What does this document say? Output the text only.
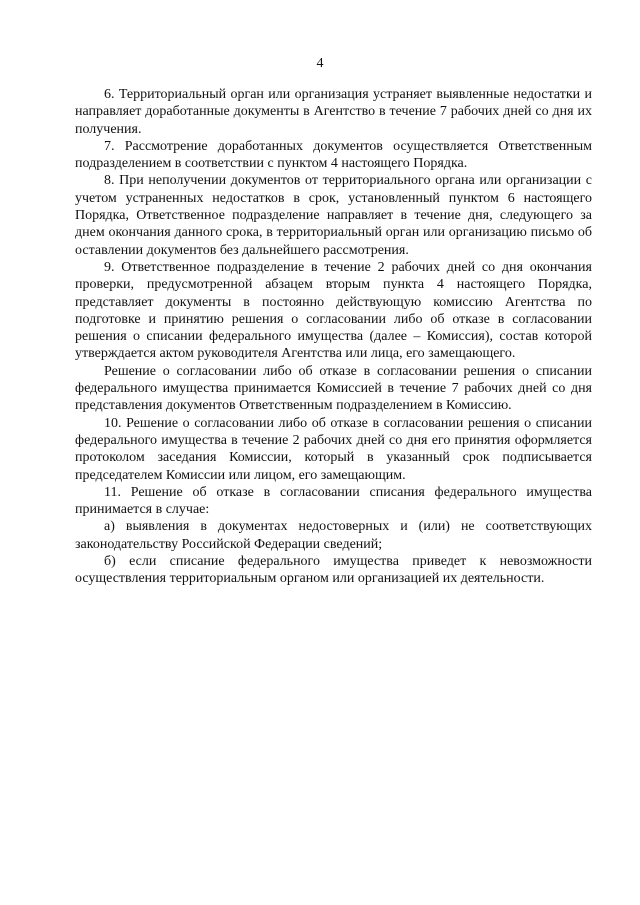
4

6. Территориальный орган или организация устраняет выявленные недостатки и направляет доработанные документы в Агентство в течение 7 рабочих дней со дня их получения.

7. Рассмотрение доработанных документов осуществляется Ответственным подразделением в соответствии с пунктом 4 настоящего Порядка.

8. При неполучении документов от территориального органа или организации с учетом устраненных недостатков в срок, установленный пунктом 6 настоящего Порядка, Ответственное подразделение направляет в течение дня, следующего за днем окончания данного срока, в территориальный орган или организацию письмо об оставлении документов без дальнейшего рассмотрения.

9. Ответственное подразделение в течение 2 рабочих дней со дня окончания проверки, предусмотренной абзацем вторым пункта 4 настоящего Порядка, представляет документы в постоянно действующую комиссию Агентства по подготовке и принятию решения о согласовании либо об отказе в согласовании решения о списании федерального имущества (далее – Комиссия), состав которой утверждается актом руководителя Агентства или лица, его замещающего.

Решение о согласовании либо об отказе в согласовании решения о списании федерального имущества принимается Комиссией в течение 7 рабочих дней со дня представления документов Ответственным подразделением в Комиссию.

10. Решение о согласовании либо об отказе в согласовании решения о списании федерального имущества в течение 2 рабочих дней со дня его принятия оформляется протоколом заседания Комиссии, который в указанный срок подписывается председателем Комиссии или лицом, его замещающим.

11. Решение об отказе в согласовании списания федерального имущества принимается в случае:

а) выявления в документах недостоверных и (или) не соответствующих законодательству Российской Федерации сведений;

б) если списание федерального имущества приведет к невозможности осуществления территориальным органом или организацией их деятельности.
